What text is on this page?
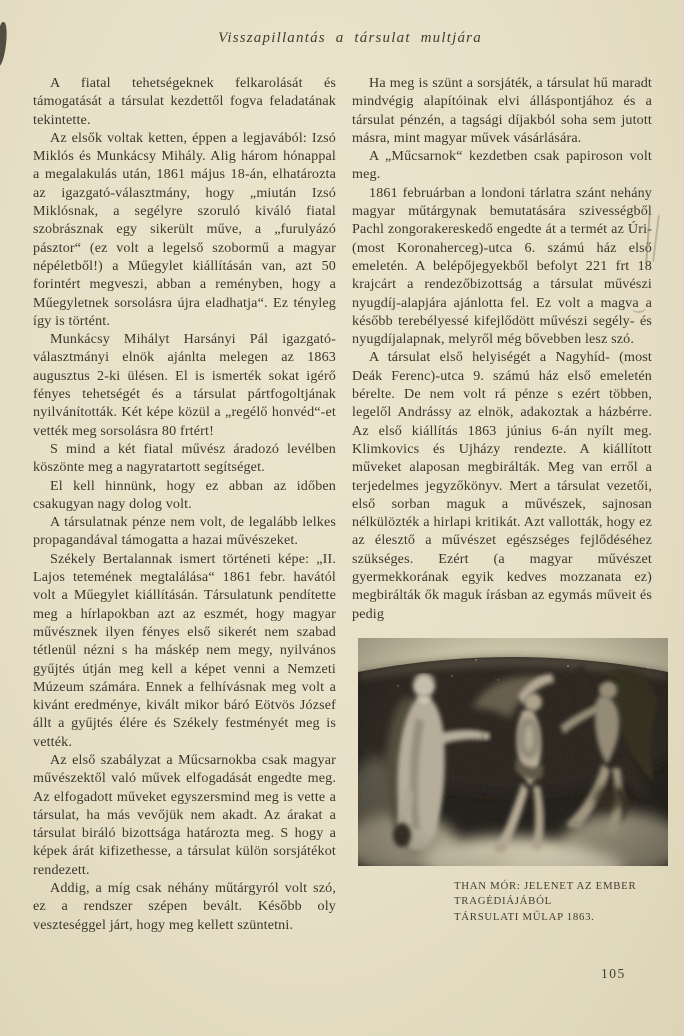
Visszapillantás a társulat multjára

A fiatal tehetségeknek felkarolását és támogatását a társulat kezdettől fogva feladatának tekintette.

Az elsők voltak ketten, éppen a legjavából: Izsó Miklós és Munkácsy Mihály. Alig három hónappal a megalakulás után, 1861 május 18-án, elhatározta az igazgató-választmány, hogy „miután Izsó Miklósnak, a segélyre szoruló kiváló fiatal szobrásznak egy sikerült műve, a „furulyázó pásztor“ (ez volt a legelső szobormű a magyar népéletből!) a Műegylet kiállításán van, azt 50 forintért megveszi, abban a reményben, hogy a Műegyletnek sorsolásra újra eladhatja“. Ez tényleg így is történt.

Munkácsy Mihályt Harsányi Pál igazgató-választmányi elnök ajánlta melegen az 1863 augusztus 2-ki ülésen. El is ismerték sokat igérő fényes tehetségét és a társulat pártfogoltjának nyilvánították. Két képe közül a „regélő honvéd“-et vették meg sorsolásra 80 frtért!

S mind a két fiatal művész áradozó levélben köszönte meg a nagyratartott segítséget.

El kell hinnünk, hogy ez abban az időben csakugyan nagy dolog volt.

A társulatnak pénze nem volt, de legalább lelkes propagandával támogatta a hazai művészeket.

Székely Bertalannak ismert történeti képe: „II. Lajos tetemének megtalálása“ 1861 febr. havától volt a Műegylet kiállításán. Társulatunk pendítette meg a hírlapokban azt az eszmét, hogy magyar művésznek ilyen fényes első sikerét nem szabad tétlenül nézni s ha máskép nem megy, nyilvános gyűjtés útján meg kell a képet venni a Nemzeti Múzeum számára. Ennek a felhívásnak meg volt a kivánt eredménye, kivált mikor báró Eötvös József állt a gyűjtés élére és Székely festményét meg is vették.

Az első szabályzat a Műcsarnokba csak magyar művészektől való művek elfogadását engedte meg. Az elfogadott műveket egyszersmind meg is vette a társulat, ha más vevőjük nem akadt. Az árakat a társulat biráló bizottsága határozta meg. S hogy a képek árát kifizethesse, a társulat külön sorsjátékot rendezett.

Addig, a míg csak néhány műtárgyról volt szó, ez a rendszer szépen bevált. Később oly veszteséggel járt, hogy meg kellett szüntetni.

Ha meg is szünt a sorsjáték, a társulat hű maradt mindvégig alapítóinak elvi álláspontjához és a társulat pénzén, a tagsági díjakból soha sem jutott másra, mint magyar művek vásárlására.

A „Műcsarnok“ kezdetben csak papiroson volt meg.

1861 februárban a londoni tárlatra szánt nehány magyar műtárgynak bemutatására szivességből Pachl zongorakereskedő engedte át a termét az Úri- (most Koronaherceg)-utca 6. számú ház első emeletén. A belépőjegyekből befolyt 221 frt 18 krajcárt a rendezőbizottság a társulat művészi nyugdíj-alapjára ajánlotta fel. Ez volt a magva a később terebélyessé kifejlődött művészi segély- és nyugdíjalapnak, melyről még bővebben lesz szó.

A társulat első helyiségét a Nagyhíd- (most Deák Ferenc)-utca 9. számú ház első emeletén bérelte. De nem volt rá pénze s ezért többen, legelől Andrássy az elnök, adakoztak a házbérre. Az első kiállítás 1863 június 6-án nyílt meg. Klimkovics és Ujházy rendezte. A kiállított műveket alaposan megbirálták. Meg van erről a terjedelmes jegyzőkönyv. Mert a társulat vezetői, első sorban maguk a művészek, sajnosan nélkülözték a hirlapi kritikát. Azt vallották, hogy ez az élesztő a művészet egészséges fejlődéséhez szükséges. Ezért (a magyar művészet gyermekkorának egyik kedves mozzanata ez) megbirálták ők maguk írásban az egymás műveit és pedig

THAN MÓR: JELENET AZ EMBER
TRAGÉDIÁJÁBÓL
TÁRSULATI MŰLAP 1863.
105
